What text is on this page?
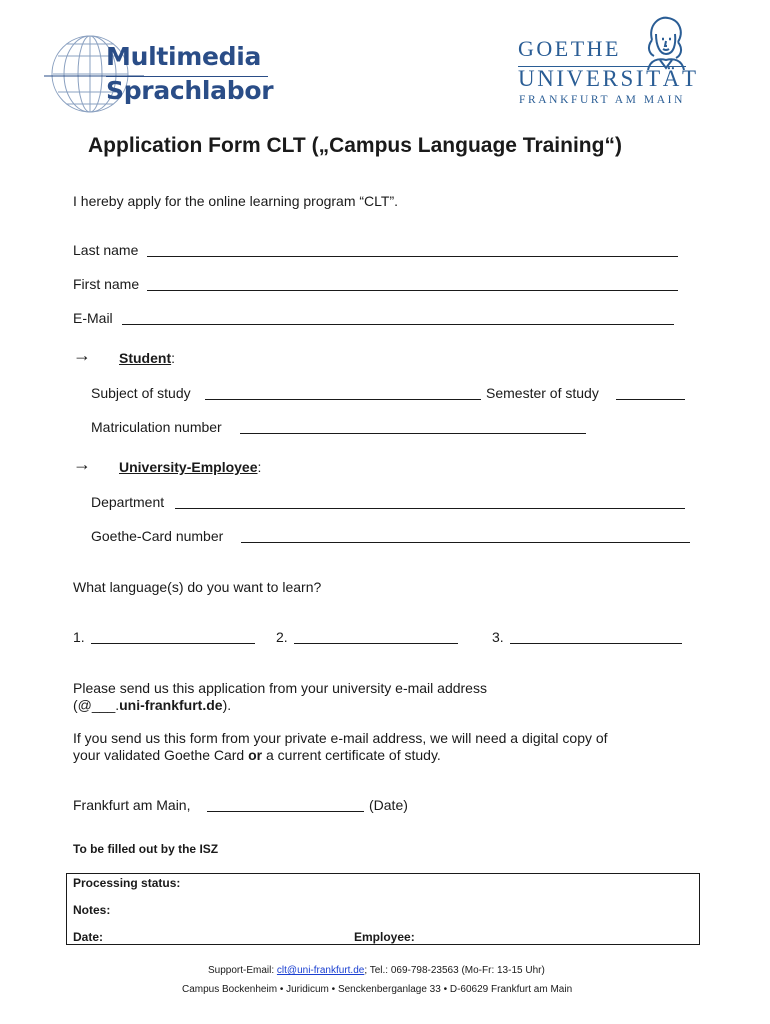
Multimedia
Sprachlabor
GOETHE
UNIVERSITÄT
FRANKFURT AM MAIN
Application Form CLT („Campus Language Training“)
I hereby apply for the online learning program “CLT”.
Last name
First name
E-Mail
→ Student:
Subject of study	Semester of study
Matriculation number
→ University-Employee:
Department
Goethe-Card number
What language(s) do you want to learn?
1.	2.	3.
Please send us this application from your university e-mail address
(@___.uni-frankfurt.de).
If you send us this form from your private e-mail address, we will need a digital copy of
your validated Goethe Card or a current certificate of study.
Frankfurt am Main,	(Date)
To be filled out by the ISZ
Processing status:
Notes:
Date:	Employee:
Support-Email: clt@uni-frankfurt.de; Tel.: 069-798-23563 (Mo-Fr: 13-15 Uhr)
Campus Bockenheim • Juridicum • Senckenberganlage 33 • D-60629 Frankfurt am Main
